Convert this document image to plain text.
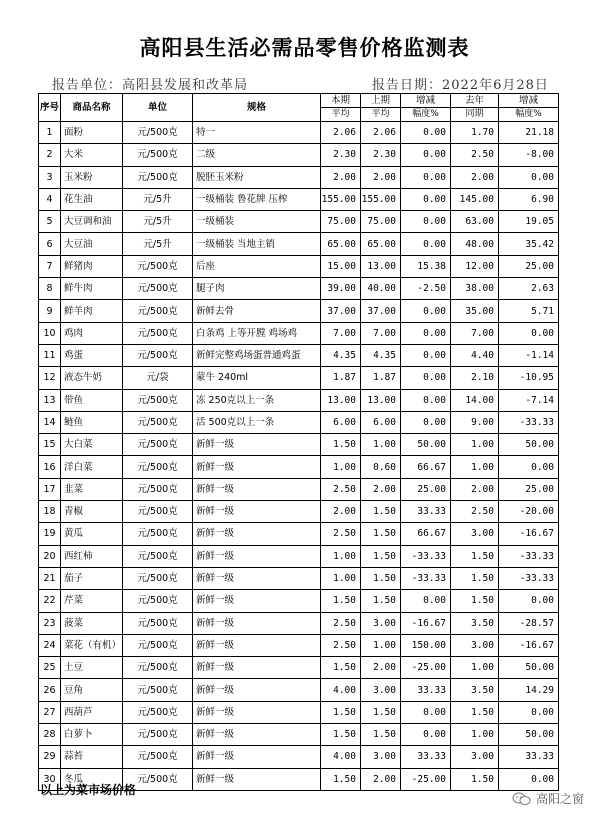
高阳县生活必需品零售价格监测表
报告单位：高阳县发展和改革局	报告日期：2022年6月28日
序号	商品名称	单位	规格	本期	上期	增减	去年	增减
				平均	平均	幅度%	同期	幅度%
1	面粉	元/500克	特一	2.06	2.06	0.00	1.70	21.18
2	大米	元/500克	二级	2.30	2.30	0.00	2.50	-8.00
3	玉米粉	元/500克	脱胚玉米粉	2.00	2.00	0.00	2.00	0.00
4	花生油	元/5升	一级桶装 鲁花牌 压榨	155.00	155.00	0.00	145.00	6.90
5	大豆调和油	元/5升	一级桶装	75.00	75.00	0.00	63.00	19.05
6	大豆油	元/5升	一级桶装 当地主销	65.00	65.00	0.00	48.00	35.42
7	鲜猪肉	元/500克	后座	15.00	13.00	15.38	12.00	25.00
8	鲜牛肉	元/500克	腿子肉	39.00	40.00	-2.50	38.00	2.63
9	鲜羊肉	元/500克	新鲜去骨	37.00	37.00	0.00	35.00	5.71
10	鸡肉	元/500克	白条鸡 上等开膛 鸡场鸡	7.00	7.00	0.00	7.00	0.00
11	鸡蛋	元/500克	新鲜完整鸡场蛋普通鸡蛋	4.35	4.35	0.00	4.40	-1.14
12	液态牛奶	元/袋	蒙牛 240ml	1.87	1.87	0.00	2.10	-10.95
13	带鱼	元/500克	冻 250克以上一条	13.00	13.00	0.00	14.00	-7.14
14	鲢鱼	元/500克	活 500克以上一条	6.00	6.00	0.00	9.00	-33.33
15	大白菜	元/500克	新鲜一级	1.50	1.00	50.00	1.00	50.00
16	洋白菜	元/500克	新鲜一级	1.00	0.60	66.67	1.00	0.00
17	韭菜	元/500克	新鲜一级	2.50	2.00	25.00	2.00	25.00
18	青椒	元/500克	新鲜一级	2.00	1.50	33.33	2.50	-20.00
19	黄瓜	元/500克	新鲜一级	2.50	1.50	66.67	3.00	-16.67
20	西红柿	元/500克	新鲜一级	1.00	1.50	-33.33	1.50	-33.33
21	茄子	元/500克	新鲜一级	1.00	1.50	-33.33	1.50	-33.33
22	芹菜	元/500克	新鲜一级	1.50	1.50	0.00	1.50	0.00
23	菠菜	元/500克	新鲜一级	2.50	3.00	-16.67	3.50	-28.57
24	菜花（有机）	元/500克	新鲜一级	2.50	1.00	150.00	3.00	-16.67
25	土豆	元/500克	新鲜一级	1.50	2.00	-25.00	1.00	50.00
26	豆角	元/500克	新鲜一级	4.00	3.00	33.33	3.50	14.29
27	西葫芦	元/500克	新鲜一级	1.50	1.50	0.00	1.50	0.00
28	白萝卜	元/500克	新鲜一级	1.50	1.50	0.00	1.00	50.00
29	蒜苔	元/500克	新鲜一级	4.00	3.00	33.33	3.00	33.33
30	冬瓜	元/500克	新鲜一级	1.50	2.00	-25.00	1.50	0.00
以上为菜市场价格
高阳之窗
